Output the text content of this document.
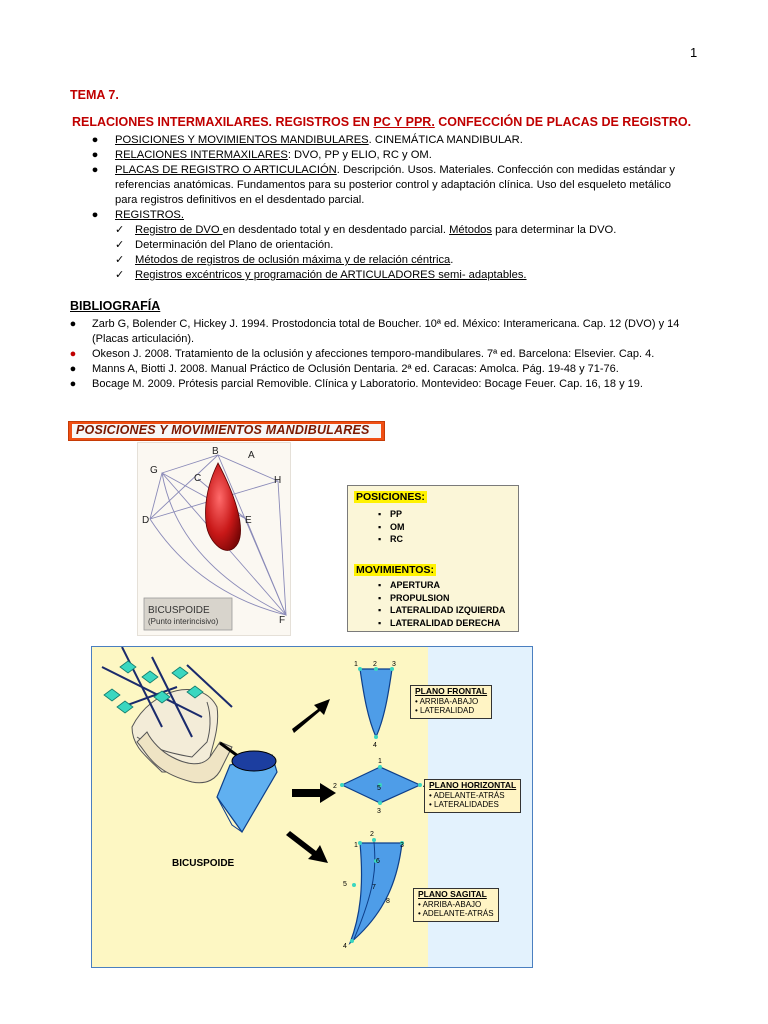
1
TEMA 7.
RELACIONES INTERMAXILARES. REGISTROS EN PC Y PPR. CONFECCIÓN DE PLACAS DE REGISTRO.
●	POSICIONES Y MOVIMIENTOS MANDIBULARES. CINEMÁTICA MANDIBULAR.
●	RELACIONES INTERMAXILARES: DVO, PP y ELIO, RC y OM.
●	PLACAS DE REGISTRO O ARTICULACIÓN. Descripción. Usos. Materiales. Confección con medidas estándar y referencias anatómicas. Fundamentos para su posterior control y adaptación clínica. Uso del esqueleto metálico para registros definitivos en el desdentado parcial.
●	REGISTROS.
✓ Registro de DVO en desdentado total y en desdentado parcial. Métodos para determinar la DVO.
✓ Determinación del Plano de orientación.
✓ Métodos de registros de oclusión máxima y de relación céntrica.
✓ Registros excéntricos y programación de ARTICULADORES semi- adaptables.
BIBLIOGRAFÍA
● Zarb G, Bolender C, Hickey J. 1994. Prostodoncia total de Boucher. 10ª ed. México: Interamericana. Cap. 12 (DVO) y 14 (Placas articulación).
● Okeson J. 2008. Tratamiento de la oclusión y afecciones temporo-mandibulares. 7ª ed. Barcelona: Elsevier. Cap. 4.
● Manns A, Biotti J. 2008. Manual Práctico de Oclusión Dentaria. 2ª ed. Caracas: Amolca. Pág. 19-48 y 71-76.
● Bocage M. 2009. Prótesis parcial Removible. Clínica y Laboratorio. Montevideo: Bocage Feuer. Cap. 16, 18 y 19.
POSICIONES Y MOVIMIENTOS MANDIBULARES
B	A
G
C	H
D	E
F
BICUSPOIDE
(Punto interincisivo)
POSICIONES:
▪ PP
▪ OM
▪ RC
MOVIMIENTOS:
▪ APERTURA
▪ PROPULSION
▪ LATERALIDAD IZQUIERDA
▪ LATERALIDAD DERECHA
1 2 3
4
1
2	5
3
1
2
3
6
5	7
8
4
BICUSPOIDE
PLANO FRONTAL
• ARRIBA-ABAJO
• LATERALIDAD
PLANO HORIZONTAL
• ADELANTE-ATRÁS
• LATERALIDADES
PLANO SAGITAL
• ARRIBA-ABAJO
• ADELANTE-ATRÁS
